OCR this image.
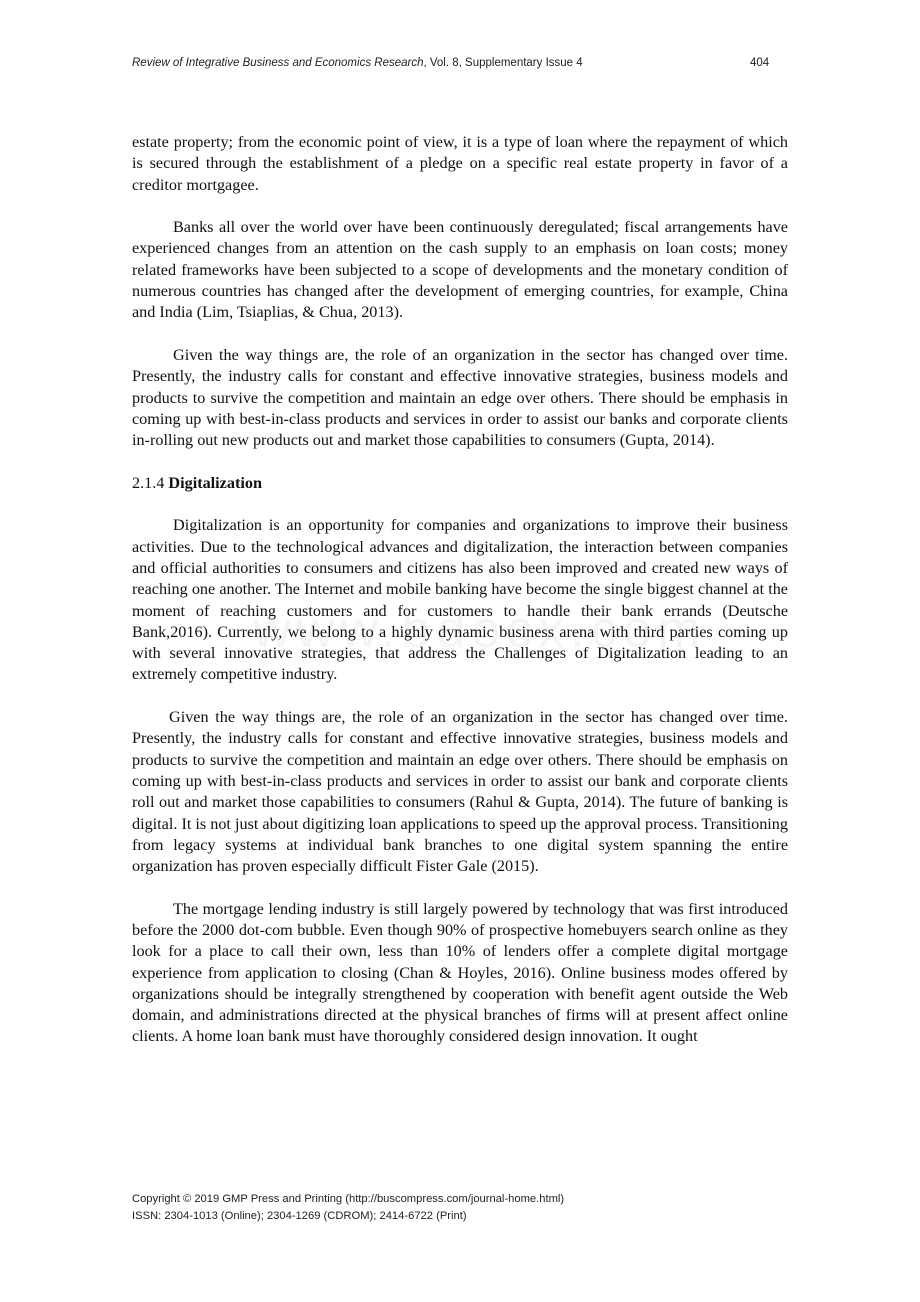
Review of Integrative Business and Economics Research, Vol. 8, Supplementary Issue 4	404

estate property; from the economic point of view, it is a type of loan where the repayment of which is secured through the establishment of a pledge on a specific real estate property in favor of a creditor mortgagee.

Banks all over the world over have been continuously deregulated; fiscal arrangements have experienced changes from an attention on the cash supply to an emphasis on loan costs; money related frameworks have been subjected to a scope of developments and the monetary condition of numerous countries has changed after the development of emerging countries, for example, China and India (Lim, Tsiaplias, & Chua, 2013).

Given the way things are, the role of an organization in the sector has changed over time. Presently, the industry calls for constant and effective innovative strategies, business models and products to survive the competition and maintain an edge over others. There should be emphasis in coming up with best-in-class products and services in order to assist our banks and corporate clients in-rolling out new products out and market those capabilities to consumers (Gupta, 2014).

2.1.4 Digitalization

Digitalization is an opportunity for companies and organizations to improve their business activities. Due to the technological advances and digitalization, the interaction between companies and official authorities to consumers and citizens has also been improved and created new ways of reaching one another. The Internet and mobile banking have become the single biggest channel at the moment of reaching customers and for customers to handle their bank errands (Deutsche Bank,2016). Currently, we belong to a highly dynamic business arena with third parties coming up with several innovative strategies, that address the Challenges of Digitalization leading to an extremely competitive industry.

Given the way things are, the role of an organization in the sector has changed over time. Presently, the industry calls for constant and effective innovative strategies, business models and products to survive the competition and maintain an edge over others. There should be emphasis on coming up with best-in-class products and services in order to assist our bank and corporate clients roll out and market those capabilities to consumers (Rahul & Gupta, 2014). The future of banking is digital. It is not just about digitizing loan applications to speed up the approval process. Transitioning from legacy systems at individual bank branches to one digital system spanning the entire organization has proven especially difficult Fister Gale (2015).

The mortgage lending industry is still largely powered by technology that was first introduced before the 2000 dot-com bubble. Even though 90% of prospective homebuyers search online as they look for a place to call their own, less than 10% of lenders offer a complete digital mortgage experience from application to closing (Chan & Hoyles, 2016). Online business modes offered by organizations should be integrally strengthened by cooperation with benefit agent outside the Web domain, and administrations directed at the physical branches of firms will at present affect online clients. A home loan bank must have thoroughly considered design innovation. It ought

Copyright © 2019 GMP Press and Printing (http://buscompress.com/journal-home.html)
ISSN: 2304-1013 (Online); 2304-1269 (CDROM); 2414-6722 (Print)
